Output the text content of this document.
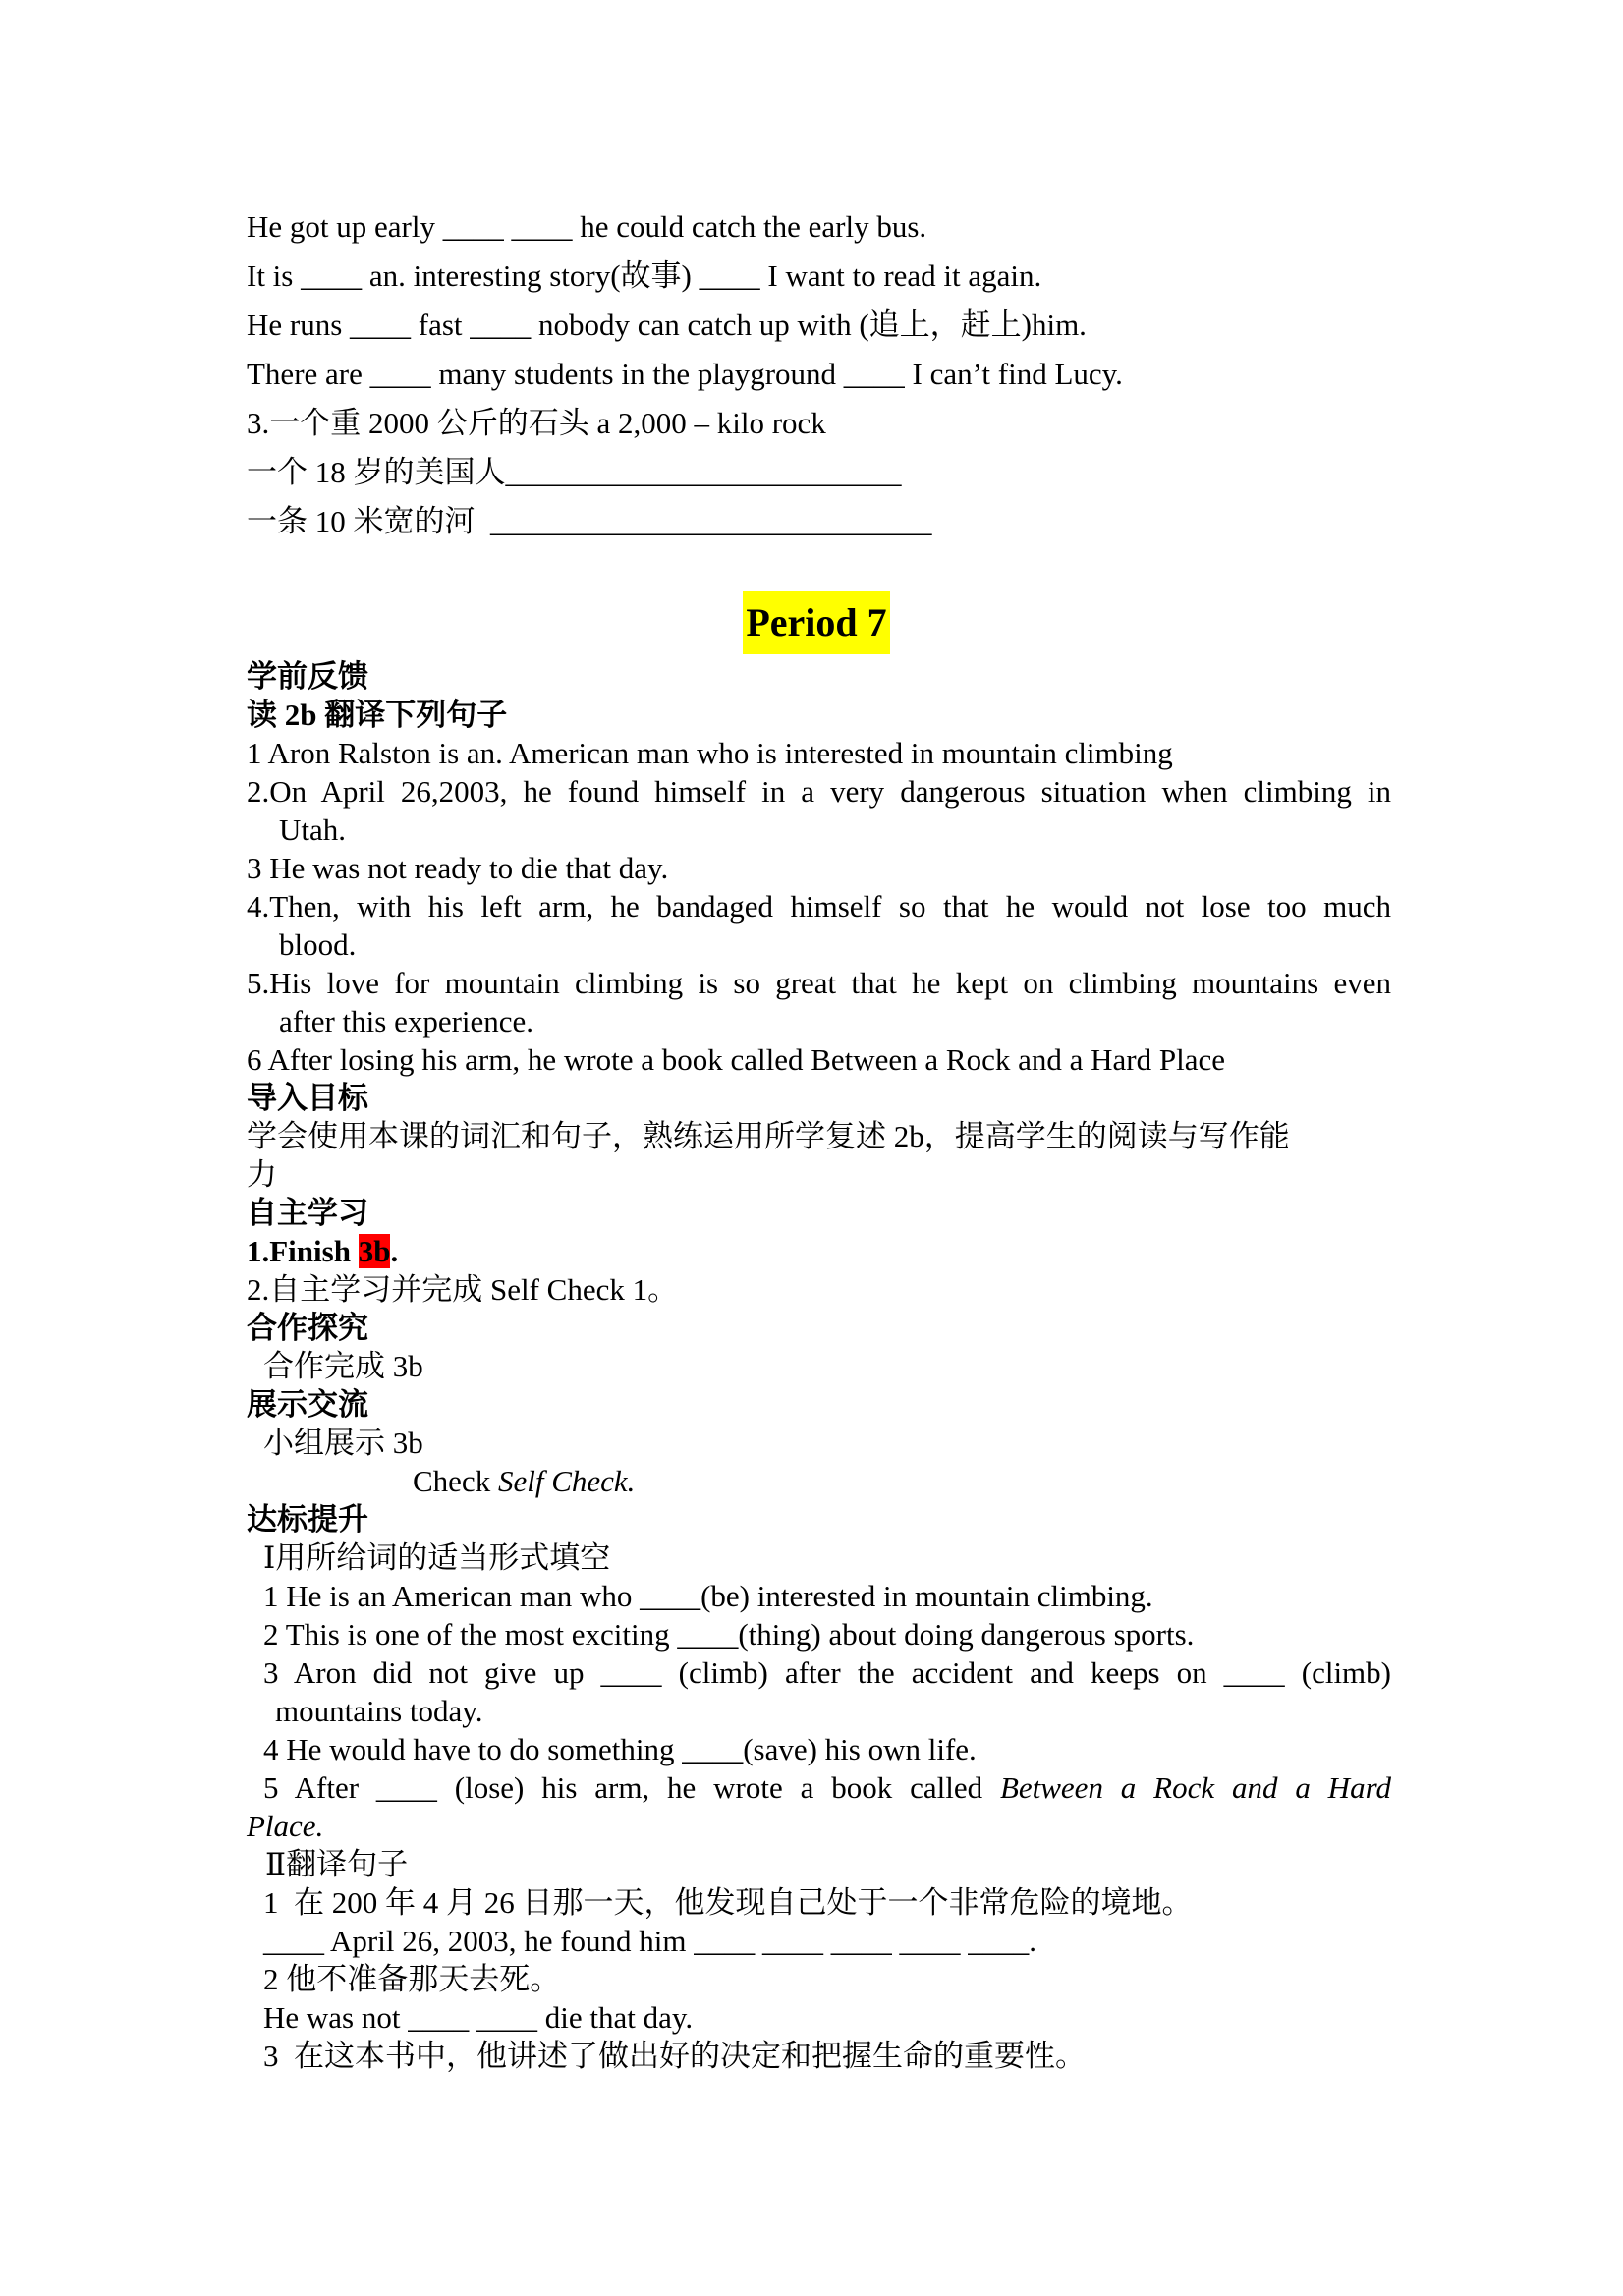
He got up early ____ ____ he could catch the early bus.
It is ____ an. interesting story(故事) ____ I want to read it again.
He runs ____ fast ____ nobody can catch up with (追上，赶上)him.
There are ____ many students in the playground ____ I can’t find Lucy.
3.一个重 2000 公斤的石头 a 2,000 – kilo rock
一个 18 岁的美国人__________________________
一条 10 米宽的河  _____________________________
Period 7
学前反馈
读 2b 翻译下列句子
1 Aron Ralston is an. American man who is interested in mountain climbing
2.On April 26,2003, he found himself in a very dangerous situation when climbing in
Utah.
3 He was not ready to die that day.
4.Then, with his left arm, he bandaged himself so that he would not lose too much
blood.
5.His love for mountain climbing is so great that he kept on climbing mountains even
after this experience.
6 After losing his arm, he wrote a book called Between a Rock and a Hard Place
导入目标
学会使用本课的词汇和句子，熟练运用所学复述 2b，提高学生的阅读与写作能
力
自主学习
1.Finish 3b.
2.自主学习并完成 Self Check 1。
合作探究
合作完成 3b
展示交流
小组展示 3b
Check Self Check.
达标提升
Ⅰ用所给词的适当形式填空
1 He is an American man who ____(be) interested in mountain climbing.
2 This is one of the most exciting ____(thing) about doing dangerous sports.
3 Aron did not give up ____ (climb) after the accident and keeps on ____ (climb)
mountains today.
4 He would have to do something ____(save) his own life.
5 After ____ (lose) his arm, he wrote a book called Between a Rock and a Hard
Place.
Ⅱ翻译句子
1  在 200 年 4 月 26 日那一天，他发现自己处于一个非常危险的境地。
____ April 26, 2003, he found him ____ ____ ____ ____ ____.
2 他不准备那天去死。
He was not ____ ____ die that day.
3  在这本书中，他讲述了做出好的决定和把握生命的重要性。
